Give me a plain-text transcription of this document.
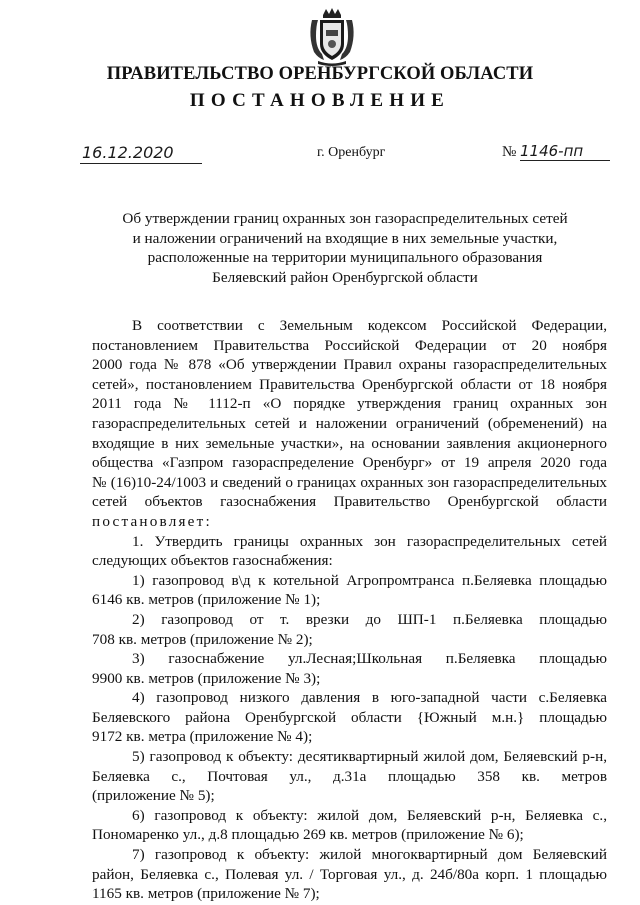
ПРАВИТЕЛЬСТВО ОРЕНБУРГСКОЙ ОБЛАСТИ
ПОСТАНОВЛЕНИЕ
16.12.2020	г. Оренбург	№ 1146-пп
Об утверждении границ охранных зон газораспределительных сетей
и наложении ограничений на входящие в них земельные участки,
расположенные на территории муниципального образования
Беляевский район Оренбургской области
В соответствии с Земельным кодексом Российской Федерации,
постановлением Правительства Российской Федерации от 20 ноября
2000 года № 878 «Об утверждении Правил охраны газораспределительных
сетей», постановлением Правительства Оренбургской области от 18 ноября
2011 года № 1112-п «О порядке утверждения границ охранных зон
газораспределительных сетей и наложении ограничений (обременений) на
входящие в них земельные участки», на основании заявления акционерного
общества «Газпром газораспределение Оренбург» от 19 апреля 2020 года
№ (16)10-24/1003 и сведений о границах охранных зон газораспределительных
сетей объектов газоснабжения Правительство Оренбургской области
постановляет:
1. Утвердить границы охранных зон газораспределительных сетей
следующих объектов газоснабжения:
1) газопровод в\д к котельной Агропромтранса п.Беляевка площадью
6146 кв. метров (приложение № 1);
2) газопровод от т. врезки до ШП-1 п.Беляевка площадью
708 кв. метров (приложение № 2);
3) газоснабжение ул.Лесная;Школьная п.Беляевка площадью
9900 кв. метров (приложение № 3);
4) газопровод низкого давления в юго-западной части с.Беляевка
Беляевского района Оренбургской области {Южный м.н.} площадью
9172 кв. метра (приложение № 4);
5) газопровод к объекту: десятиквартирный жилой дом, Беляевский р-н,
Беляевка с., Почтовая ул., д.31а площадью 358 кв. метров
(приложение № 5);
6) газопровод к объекту: жилой дом, Беляевский р-н, Беляевка с.,
Пономаренко ул., д.8 площадью 269 кв. метров (приложение № 6);
7) газопровод к объекту: жилой многоквартирный дом Беляевский
район, Беляевка с., Полевая ул. / Торговая ул., д. 24б/80а корп. 1 площадью
1165 кв. метров (приложение № 7);
